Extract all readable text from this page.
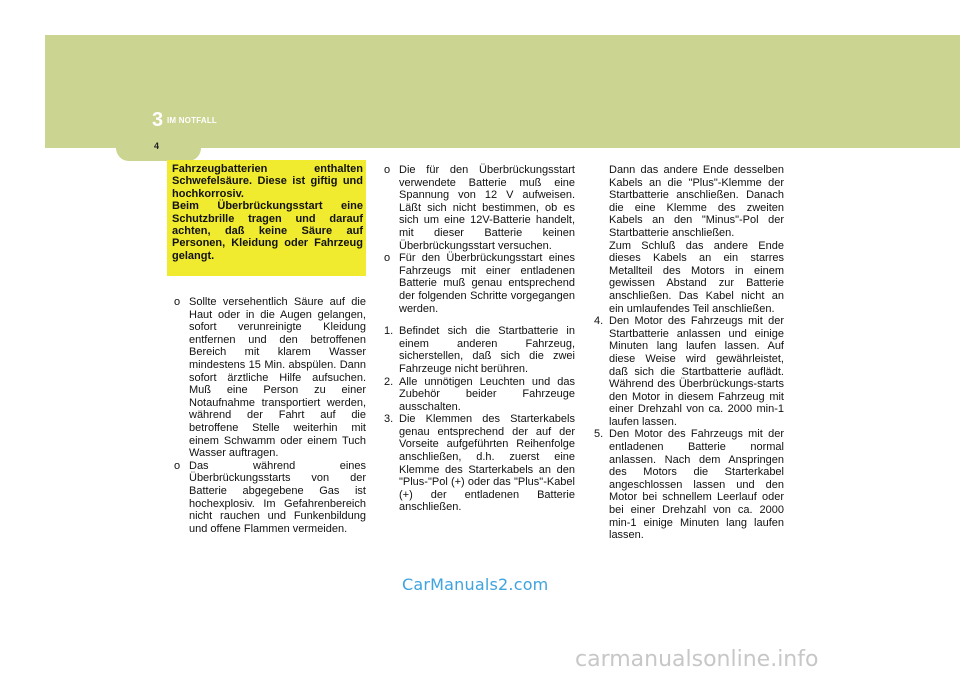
3 IM NOTFALL
4
Fahrzeugbatterien enthalten Schwefelsäure. Diese ist giftig und hochkorrosiv.
Beim Überbrückungsstart eine Schutzbrille tragen und darauf achten, daß keine Säure auf Personen, Kleidung oder Fahrzeug gelangt.
o Sollte versehentlich Säure auf die Haut oder in die Augen gelangen, sofort verunreinigte Kleidung entfernen und den betroffenen Bereich mit klarem Wasser mindestens 15 Min. abspülen. Dann sofort ärztliche Hilfe aufsuchen. Muß eine Person zu einer Notaufnahme transportiert werden, während der Fahrt auf die betroffene Stelle weiterhin mit einem Schwamm oder einem Tuch Wasser auftragen.
o Das während eines Überbrückungsstarts von der Batterie abgegebene Gas ist hochexplosiv. Im Gefahrenbereich nicht rauchen und Funkenbildung und offene Flammen vermeiden.
o Die für den Überbrückungsstart verwendete Batterie muß eine Spannung von 12 V aufweisen. Läßt sich nicht bestimmen, ob es sich um eine 12V-Batterie handelt, mit dieser Batterie keinen Überbrückungsstart versuchen.
o Für den Überbrückungsstart eines Fahrzeugs mit einer entladenen Batterie muß genau entsprechend der folgenden Schritte vorgegangen werden.
1. Befindet sich die Startbatterie in einem anderen Fahrzeug, sicherstellen, daß sich die zwei Fahrzeuge nicht berühren.
2. Alle unnötigen Leuchten und das Zubehör beider Fahrzeuge ausschalten.
3. Die Klemmen des Starterkabels genau entsprechend der auf der Vorseite aufgeführten Reihenfolge anschließen, d.h. zuerst eine Klemme des Starterkabels an den "Plus-"Pol (+) oder das "Plus"-Kabel (+) der entladenen Batterie anschließen.
Dann das andere Ende desselben Kabels an die "Plus"-Klemme der Startbatterie anschließen. Danach die eine Klemme des zweiten Kabels an den "Minus"-Pol der Startbatterie anschließen.
Zum Schluß das andere Ende dieses Kabels an ein starres Metallteil des Motors in einem gewissen Abstand zur Batterie anschließen. Das Kabel nicht an ein umlaufendes Teil anschließen.
4. Den Motor des Fahrzeugs mit der Startbatterie anlassen und einige Minuten lang laufen lassen. Auf diese Weise wird gewährleistet, daß sich die Startbatterie auflädt. Während des Überbrückungs-starts den Motor in diesem Fahrzeug mit einer Drehzahl von ca. 2000 min-1 laufen lassen.
5. Den Motor des Fahrzeugs mit der entladenen Batterie normal anlassen. Nach dem Anspringen des Motors die Starterkabel angeschlossen lassen und den Motor bei schnellem Leerlauf oder bei einer Drehzahl von ca. 2000 min-1 einige Minuten lang laufen lassen.
CarManuals2.com
carmanualsonline.info
